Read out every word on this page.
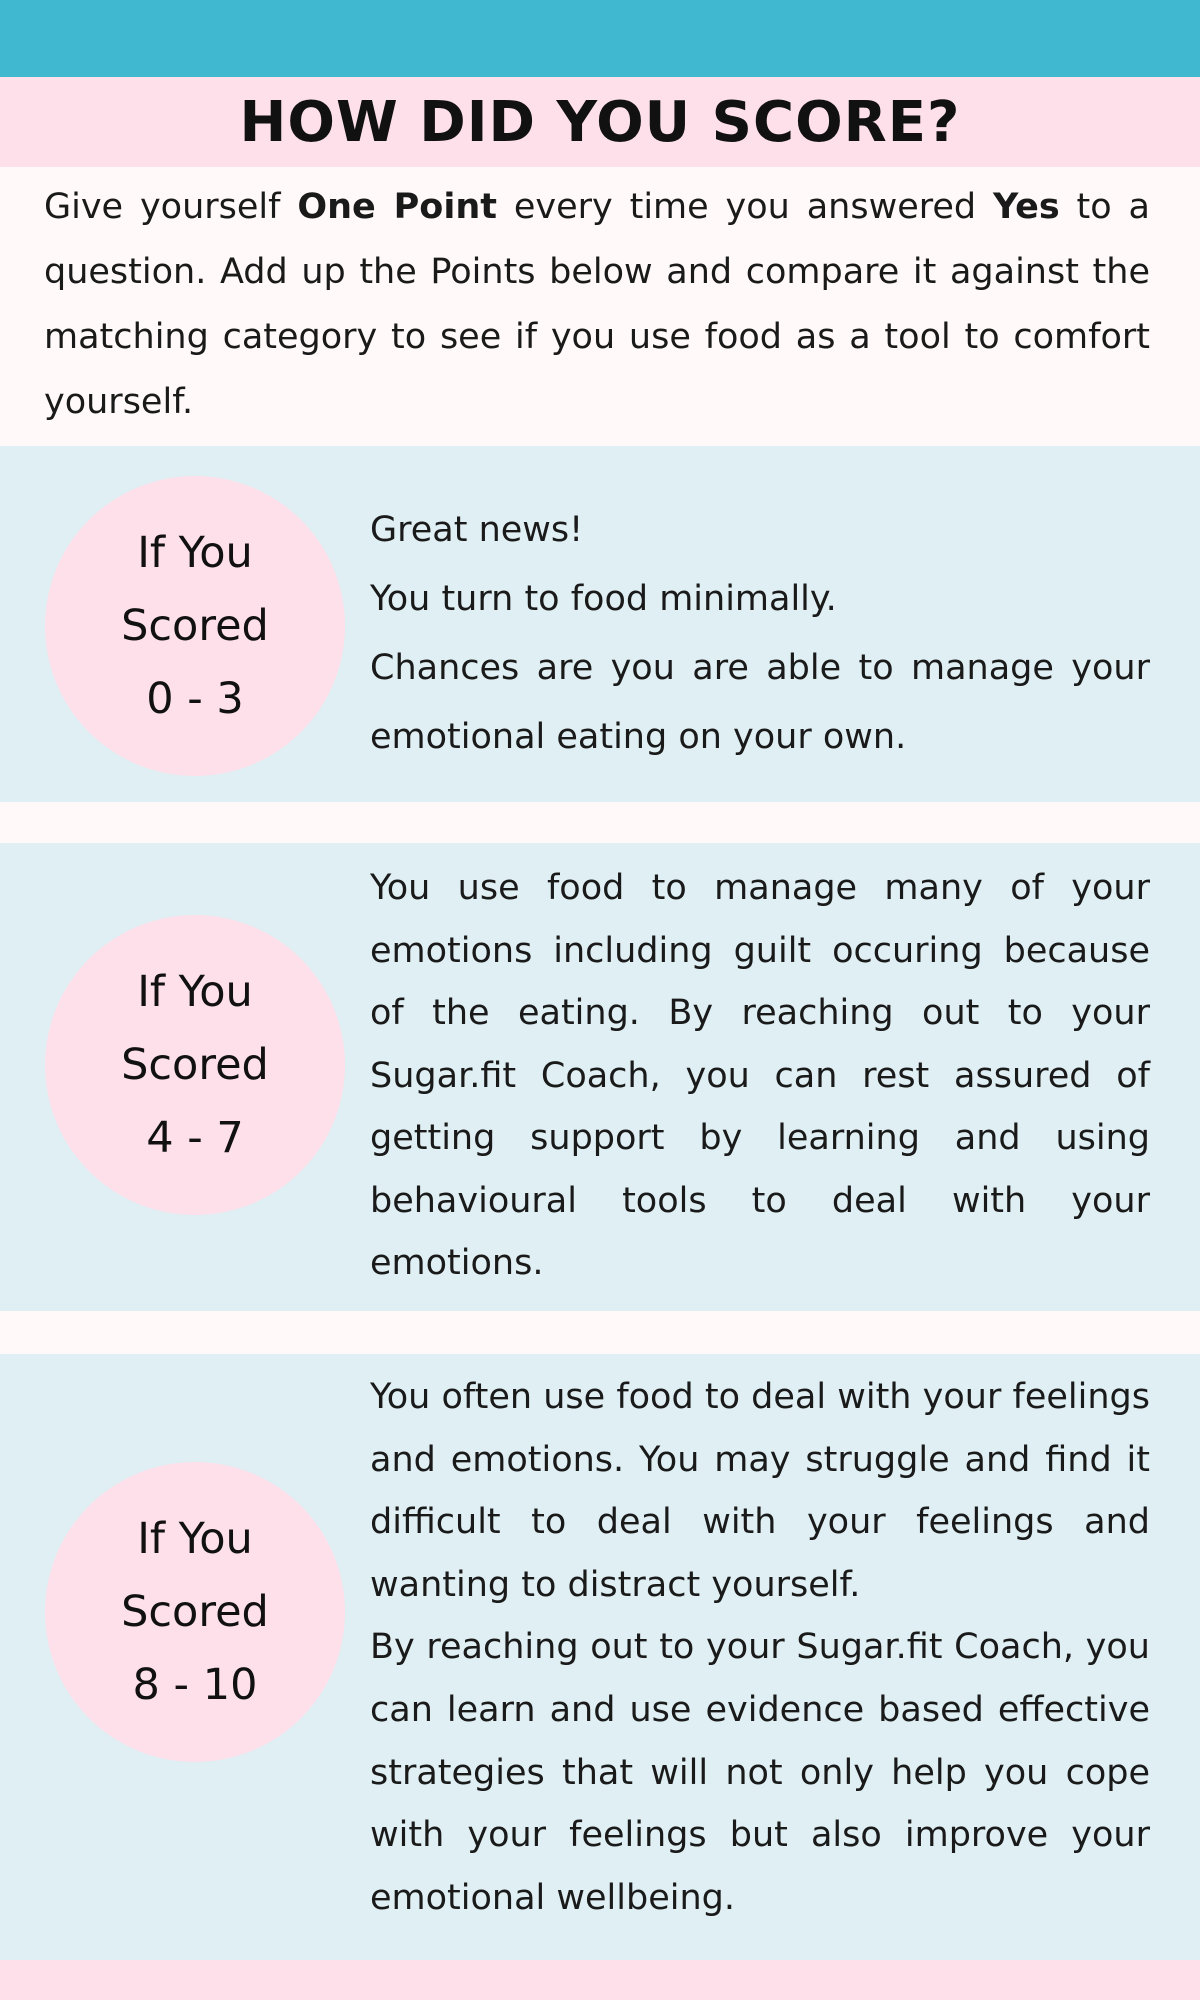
HOW DID YOU SCORE?

Give yourself One Point every time you answered Yes to a question. Add up the Points below and compare it against the matching category to see if you use food as a tool to comfort yourself.

If You
Scored
0 - 3

Great news!

You turn to food minimally.

Chances are you are able to manage your emotional eating on your own.

If You
Scored
4 - 7

You use food to manage many of your emotions including guilt occuring because of the eating. By reaching out to your Sugar.fit Coach, you can rest assured of getting support by learning and using behavioural tools to deal with your emotions.

If You
Scored
8 - 10

You often use food to deal with your feelings and emotions. You may struggle and find it difficult to deal with your feelings and wanting to distract yourself.

By reaching out to your Sugar.fit Coach, you can learn and use evidence based effective strategies that will not only help you cope with your feelings but also improve your emotional wellbeing.
